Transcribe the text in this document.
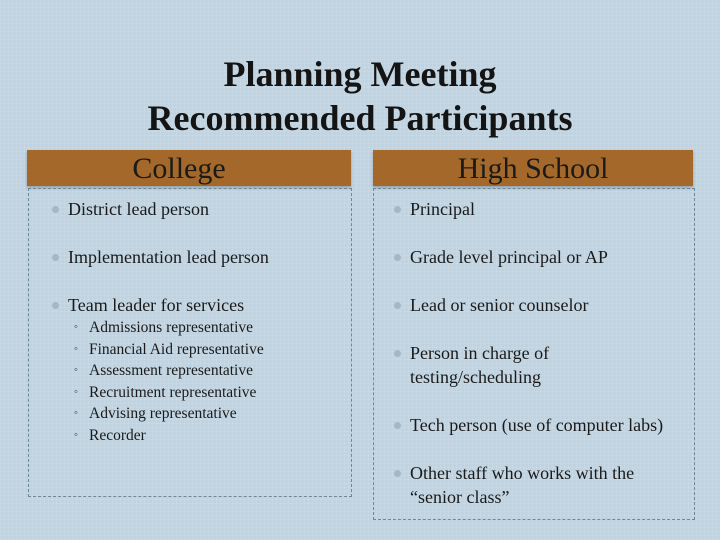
Planning Meeting
Recommended Participants
College	High School
District lead person
Implementation lead person
Team leader for services
◦ Admissions representative
◦ Financial Aid representative
◦ Assessment representative
◦ Recruitment representative
◦ Advising representative
◦ Recorder
Principal
Grade level principal or AP
Lead or senior counselor
Person in charge of
testing/scheduling
Tech person (use of computer labs)
Other staff who works with the
“senior class”
